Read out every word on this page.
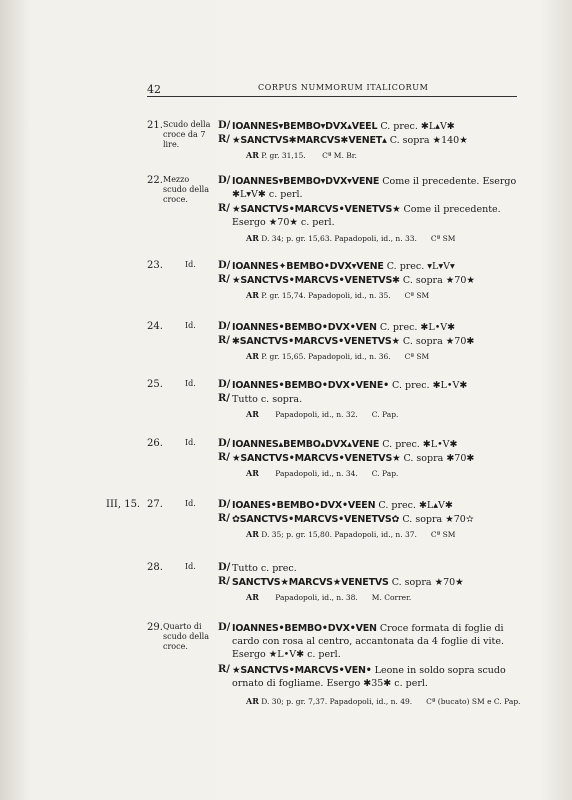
42	CORPUS NUMMORUM ITALICORUM
21. Scudo della croce da 7 lire.
D/ IOANNES▾BEMBO▾DVX▴VEEL C. prec. ✱L▴V✱
R/ ★SANCTVS✱MARCVS✱VENET▴ C. sopra ★140★
AR P. gr. 31,15. Cª M. Br.
22. Mezzo scudo della croce.
D/ IOANNES▾BEMBO▾DVX▾VENE Come il precedente. Esergo ✱L▾V✱ c. perl.
R/ ★SANCTVS•MARCVS•VENETVS★ Come il precedente. Esergo ★70★ c. perl.
AR D. 34; p. gr. 15,63. Papadopoli, id., n. 33. Cª SM
23.	Id.	D/ IOANNES✦BEMBO•DVX▾VENE C. prec. ▾L▾V▾
R/ ★SANCTVS•MARCVS•VENETVS✱ C. sopra ★70★
AR P. gr. 15,74. Papadopoli, id., n. 35. Cª SM
24.	Id.	D/ IOANNES•BEMBO•DVX•VEN C. prec. ✱L•V✱
R/ ✱SANCTVS•MARCVS•VENETVS★ C. sopra ★70✱
AR P. gr. 15,65. Papadopoli, id., n. 36. Cª SM
25.	Id.	D/ IOANNES•BEMBO•DVX•VENE• C. prec. ✱L•V✱
R/ Tutto c. sopra.
AR Papadopoli, id., n. 32. C. Pap.
26.	Id.	D/ IOANNES▴BEMBO▴DVX▴VENE C. prec. ✱L•V✱
R/ ★SANCTVS•MARCVS•VENETVS★ C. sopra ✱70✱
AR Papadopoli, id., n. 34. C. Pap.
III, 15. 27.	Id.	D/ IOANES•BEMBO•DVX•VEEN C. prec. ✱L▴V✱
R/ ✿SANCTVS•MARCVS•VENETVS✿ C. sopra ★70✫
AR D. 35; p. gr. 15,80. Papadopoli, id., n. 37. Cª SM
28.	Id.	D/ Tutto c. prec.
R/ SANCTVS★MARCVS★VENETVS C. sopra ★70★
AR Papadopoli, id., n. 38. M. Correr.
29. Quarto di scudo della croce.
D/ IOANNES•BEMBO•DVX•VEN Croce formata di foglie di cardo con rosa al centro, accantonata da 4 foglie di vite. Esergo ★L•V✱ c. perl.
R/ ★SANCTVS•MARCVS•VEN• Leone in soldo sopra scudo ornato di fogliame. Esergo ✱35✱ c. perl.
AR D. 30; p. gr. 7,37. Papadopoli, id., n. 49. Cª (bucato) SM e C. Pap.
